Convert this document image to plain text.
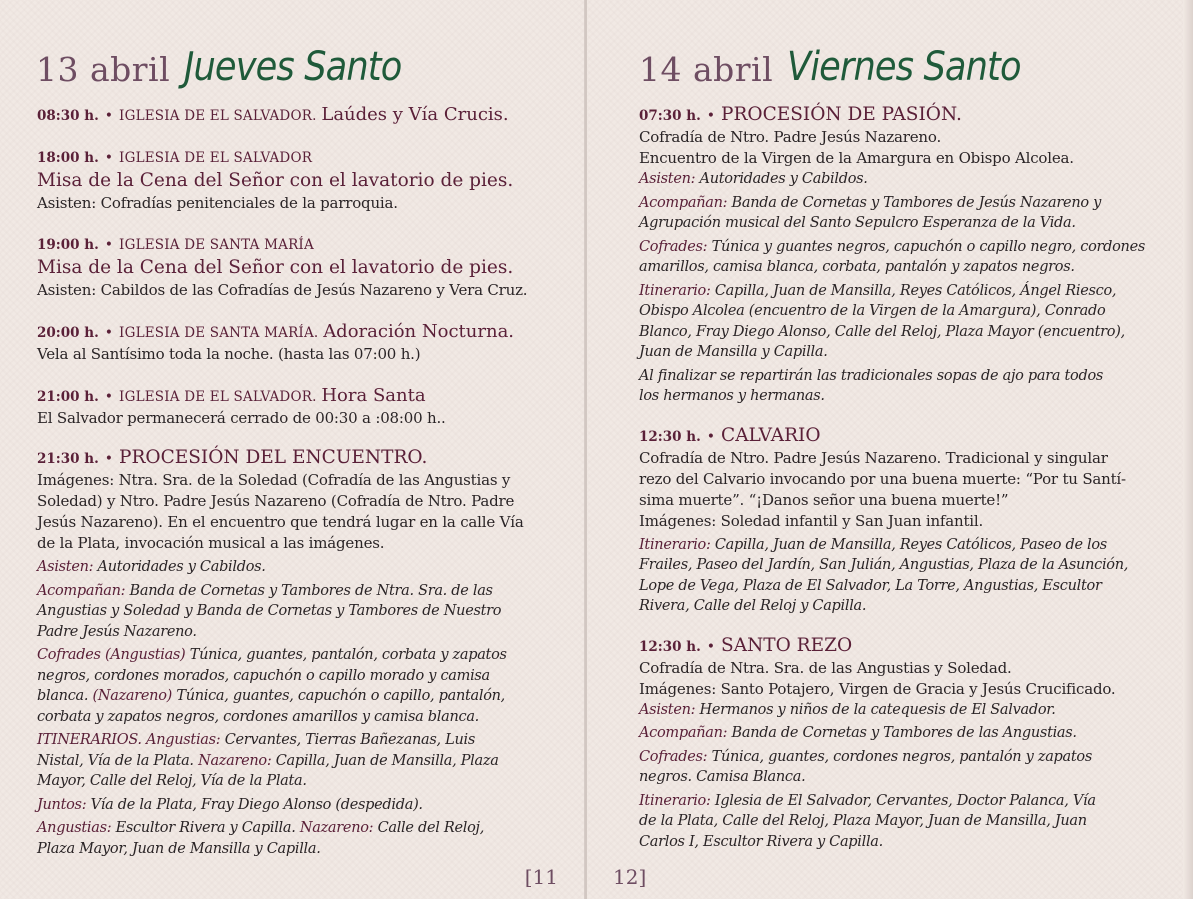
13 abril Jueves Santo
08:30 h. • IGLESIA DE EL SALVADOR. Laúdes y Vía Crucis.
18:00 h. • IGLESIA DE EL SALVADOR
Misa de la Cena del Señor con el lavatorio de pies.
Asisten: Cofradías penitenciales de la parroquia.
19:00 h. • IGLESIA DE SANTA MARÍA
Misa de la Cena del Señor con el lavatorio de pies.
Asisten: Cabildos de las Cofradías de Jesús Nazareno y Vera Cruz.
20:00 h. • IGLESIA DE SANTA MARÍA. Adoración Nocturna.
Vela al Santísimo toda la noche. (hasta las 07:00 h.)
21:00 h. • IGLESIA DE EL SALVADOR. Hora Santa
El Salvador permanecerá cerrado de 00:30 a :08:00 h..
21:30 h. • PROCESIÓN DEL ENCUENTRO.
Imágenes: Ntra. Sra. de la Soledad (Cofradía de las Angustias y
Soledad) y Ntro. Padre Jesús Nazareno (Cofradía de Ntro. Padre
Jesús Nazareno). En el encuentro que tendrá lugar en la calle Vía
de la Plata, invocación musical a las imágenes.
Asisten: Autoridades y Cabildos.
Acompañan: Banda de Cornetas y Tambores de Ntra. Sra. de las
Angustias y Soledad y Banda de Cornetas y Tambores de Nuestro
Padre Jesús Nazareno.
Cofrades (Angustias) Túnica, guantes, pantalón, corbata y zapatos
negros, cordones morados, capuchón o capillo morado y camisa
blanca. (Nazareno) Túnica, guantes, capuchón o capillo, pantalón,
corbata y zapatos negros, cordones amarillos y camisa blanca.
ITINERARIOS. Angustias: Cervantes, Tierras Bañezanas, Luis
Nistal, Vía de la Plata. Nazareno: Capilla, Juan de Mansilla, Plaza
Mayor, Calle del Reloj, Vía de la Plata.
Juntos: Vía de la Plata, Fray Diego Alonso (despedida).
Angustias: Escultor Rivera y Capilla. Nazareno: Calle del Reloj,
Plaza Mayor, Juan de Mansilla y Capilla.
[11
14 abril Viernes Santo
07:30 h. • PROCESIÓN DE PASIÓN.
Cofradía de Ntro. Padre Jesús Nazareno.
Encuentro de la Virgen de la Amargura en Obispo Alcolea.
Asisten: Autoridades y Cabildos.
Acompañan: Banda de Cornetas y Tambores de Jesús Nazareno y
Agrupación musical del Santo Sepulcro Esperanza de la Vida.
Cofrades: Túnica y guantes negros, capuchón o capillo negro, cordones
amarillos, camisa blanca, corbata, pantalón y zapatos negros.
Itinerario: Capilla, Juan de Mansilla, Reyes Católicos, Ángel Riesco,
Obispo Alcolea (encuentro de la Virgen de la Amargura), Conrado
Blanco, Fray Diego Alonso, Calle del Reloj, Plaza Mayor (encuentro),
Juan de Mansilla y Capilla.
Al finalizar se repartirán las tradicionales sopas de ajo para todos
los hermanos y hermanas.
12:30 h. • CALVARIO
Cofradía de Ntro. Padre Jesús Nazareno. Tradicional y singular
rezo del Calvario invocando por una buena muerte: “Por tu Santí-
sima muerte”. “¡Danos señor una buena muerte!”
Imágenes: Soledad infantil y San Juan infantil.
Itinerario: Capilla, Juan de Mansilla, Reyes Católicos, Paseo de los
Frailes, Paseo del Jardín, San Julián, Angustias, Plaza de la Asunción,
Lope de Vega, Plaza de El Salvador, La Torre, Angustias, Escultor
Rivera, Calle del Reloj y Capilla.
12:30 h. • SANTO REZO
Cofradía de Ntra. Sra. de las Angustias y Soledad.
Imágenes: Santo Potajero, Virgen de Gracia y Jesús Crucificado.
Asisten: Hermanos y niños de la catequesis de El Salvador.
Acompañan: Banda de Cornetas y Tambores de las Angustias.
Cofrades: Túnica, guantes, cordones negros, pantalón y zapatos
negros. Camisa Blanca.
Itinerario: Iglesia de El Salvador, Cervantes, Doctor Palanca, Vía
de la Plata, Calle del Reloj, Plaza Mayor, Juan de Mansilla, Juan
Carlos I, Escultor Rivera y Capilla.
12]
